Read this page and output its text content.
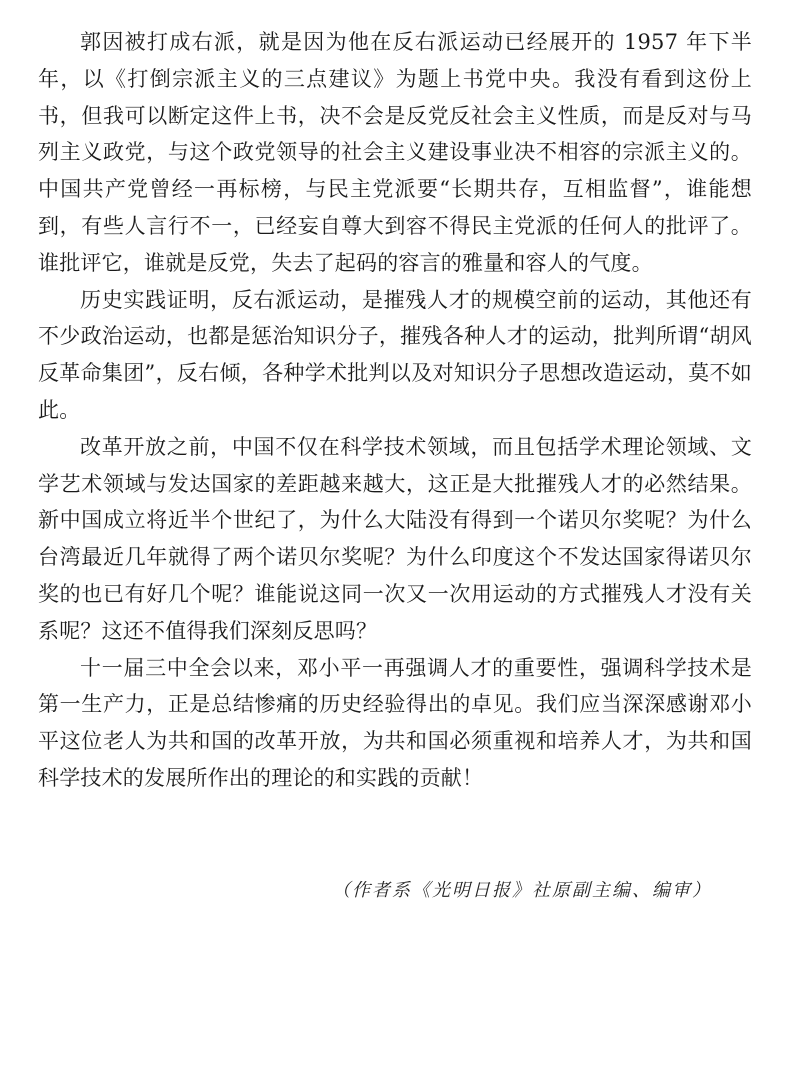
郭因被打成右派，就是因为他在反右派运动已经展开的 1957 年下半年，以《打倒宗派主义的三点建议》为题上书党中央。我没有看到这份上书，但我可以断定这件上书，决不会是反党反社会主义性质，而是反对与马列主义政党，与这个政党领导的社会主义建设事业决不相容的宗派主义的。中国共产党曾经一再标榜，与民主党派要“长期共存，互相监督”，谁能想到，有些人言行不一，已经妄自尊大到容不得民主党派的任何人的批评了。谁批评它，谁就是反党，失去了起码的容言的雅量和容人的气度。

历史实践证明，反右派运动，是摧残人才的规模空前的运动，其他还有不少政治运动，也都是惩治知识分子，摧残各种人才的运动，批判所谓“胡风反革命集团”，反右倾，各种学术批判以及对知识分子思想改造运动，莫不如此。

改革开放之前，中国不仅在科学技术领域，而且包括学术理论领域、文学艺术领域与发达国家的差距越来越大，这正是大批摧残人才的必然结果。新中国成立将近半个世纪了，为什么大陆没有得到一个诺贝尔奖呢？为什么台湾最近几年就得了两个诺贝尔奖呢？为什么印度这个不发达国家得诺贝尔奖的也已有好几个呢？谁能说这同一次又一次用运动的方式摧残人才没有关系呢？这还不值得我们深刻反思吗？

十一届三中全会以来，邓小平一再强调人才的重要性，强调科学技术是第一生产力，正是总结惨痛的历史经验得出的卓见。我们应当深深感谢邓小平这位老人为共和国的改革开放，为共和国必须重视和培养人才，为共和国科学技术的发展所作出的理论的和实践的贡献！

（作者系《光明日报》社原副主编、编审）
